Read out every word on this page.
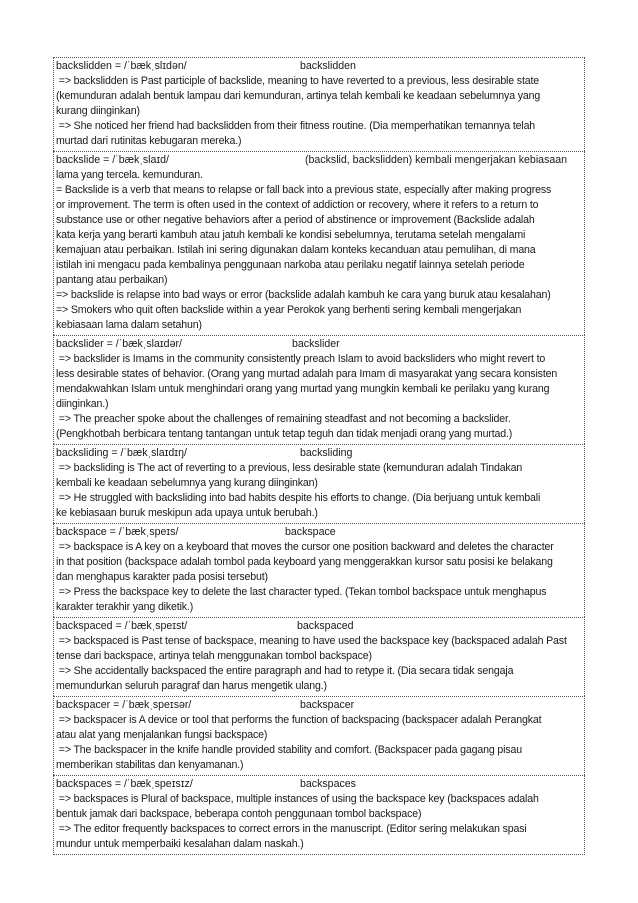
backslidden = /ˈbækˌslɪdən/	backslidden
=> backslidden is Past participle of backslide, meaning to have reverted to a previous, less desirable state
(kemunduran adalah bentuk lampau dari kemunduran, artinya telah kembali ke keadaan sebelumnya yang
kurang diinginkan)
=> She noticed her friend had backslidden from their fitness routine. (Dia memperhatikan temannya telah
murtad dari rutinitas kebugaran mereka.)
backslide = /ˈbækˌslaɪd/	(backslid, backslidden) kembali mengerjakan kebiasaan
lama yang tercela. kemunduran.
= Backslide is a verb that means to relapse or fall back into a previous state, especially after making progress
or improvement. The term is often used in the context of addiction or recovery, where it refers to a return to
substance use or other negative behaviors after a period of abstinence or improvement (Backslide adalah
kata kerja yang berarti kambuh atau jatuh kembali ke kondisi sebelumnya, terutama setelah mengalami
kemajuan atau perbaikan. Istilah ini sering digunakan dalam konteks kecanduan atau pemulihan, di mana
istilah ini mengacu pada kembalinya penggunaan narkoba atau perilaku negatif lainnya setelah periode
pantang atau perbaikan)
=> backslide is relapse into bad ways or error (backslide adalah kambuh ke cara yang buruk atau kesalahan)
=> Smokers who quit often backslide within a year Perokok yang berhenti sering kembali mengerjakan
kebiasaan lama dalam setahun)
backslider = /ˈbækˌslaɪdər/	backslider
=> backslider is Imams in the community consistently preach Islam to avoid backsliders who might revert to
less desirable states of behavior. (Orang yang murtad adalah para Imam di masyarakat yang secara konsisten
mendakwahkan Islam untuk menghindari orang yang murtad yang mungkin kembali ke perilaku yang kurang
diinginkan.)
=> The preacher spoke about the challenges of remaining steadfast and not becoming a backslider.
(Pengkhotbah berbicara tentang tantangan untuk tetap teguh dan tidak menjadi orang yang murtad.)
backsliding = /ˈbækˌslaɪdɪŋ/	backsliding
=> backsliding is The act of reverting to a previous, less desirable state (kemunduran adalah Tindakan
kembali ke keadaan sebelumnya yang kurang diinginkan)
=> He struggled with backsliding into bad habits despite his efforts to change. (Dia berjuang untuk kembali
ke kebiasaan buruk meskipun ada upaya untuk berubah.)
backspace = /ˈbækˌspeɪs/	backspace
=> backspace is A key on a keyboard that moves the cursor one position backward and deletes the character
in that position (backspace adalah tombol pada keyboard yang menggerakkan kursor satu posisi ke belakang
dan menghapus karakter pada posisi tersebut)
=> Press the backspace key to delete the last character typed. (Tekan tombol backspace untuk menghapus
karakter terakhir yang diketik.)
backspaced = /ˈbækˌspeɪst/	backspaced
=> backspaced is Past tense of backspace, meaning to have used the backspace key (backspaced adalah Past
tense dari backspace, artinya telah menggunakan tombol backspace)
=> She accidentally backspaced the entire paragraph and had to retype it. (Dia secara tidak sengaja
memundurkan seluruh paragraf dan harus mengetik ulang.)
backspacer = /ˈbækˌspeɪsər/	backspacer
=> backspacer is A device or tool that performs the function of backspacing (backspacer adalah Perangkat
atau alat yang menjalankan fungsi backspace)
=> The backspacer in the knife handle provided stability and comfort. (Backspacer pada gagang pisau
memberikan stabilitas dan kenyamanan.)
backspaces = /ˈbækˌspeɪsɪz/	backspaces
=> backspaces is Plural of backspace, multiple instances of using the backspace key (backspaces adalah
bentuk jamak dari backspace, beberapa contoh penggunaan tombol backspace)
=> The editor frequently backspaces to correct errors in the manuscript. (Editor sering melakukan spasi
mundur untuk memperbaiki kesalahan dalam naskah.)
